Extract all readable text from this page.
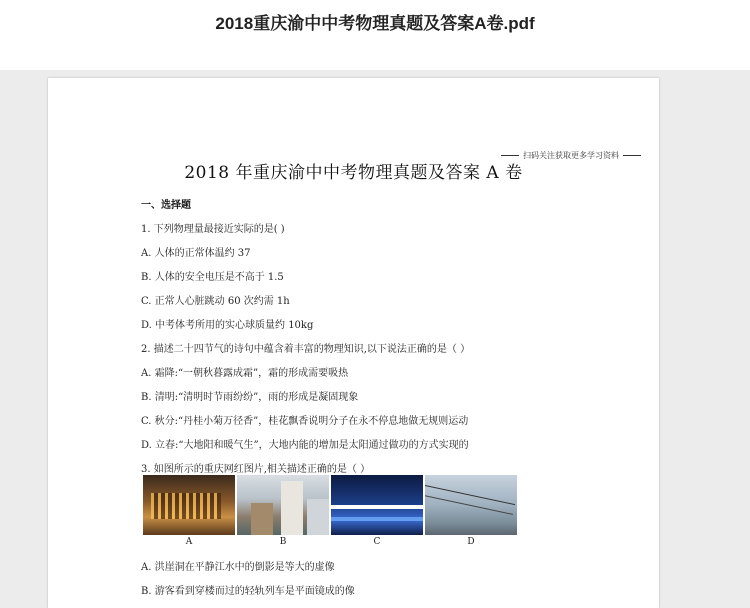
2018重庆渝中中考物理真题及答案A卷.pdf
扫码关注获取更多学习资料
2018 年重庆渝中中考物理真题及答案 A 卷
一、选择题
1. 下列物理量最接近实际的是( )
A. 人体的正常体温约 37
B. 人体的安全电压是不高于 1.5
C. 正常人心脏跳动 60 次约需 1h
D. 中考体考所用的实心球质量约 10kg
2. 描述二十四节气的诗句中蕴含着丰富的物理知识,以下说法正确的是（ ）
A. 霜降:“一朝秋暮露成霜”，霜的形成需要吸热
B. 清明:“清明时节雨纷纷”，雨的形成是凝固现象
C. 秋分:“丹桂小菊万径香”，桂花飘香说明分子在永不停息地做无规则运动
D. 立春:“大地阳和暖气生”，大地内能的增加是太阳通过做功的方式实现的
3. 如图所示的重庆网红图片,相关描述正确的是（ ）
A	B	C	D
A. 洪崖洞在平静江水中的倒影是等大的虚像
B. 游客看到穿楼而过的轻轨列车是平面镜成的像
